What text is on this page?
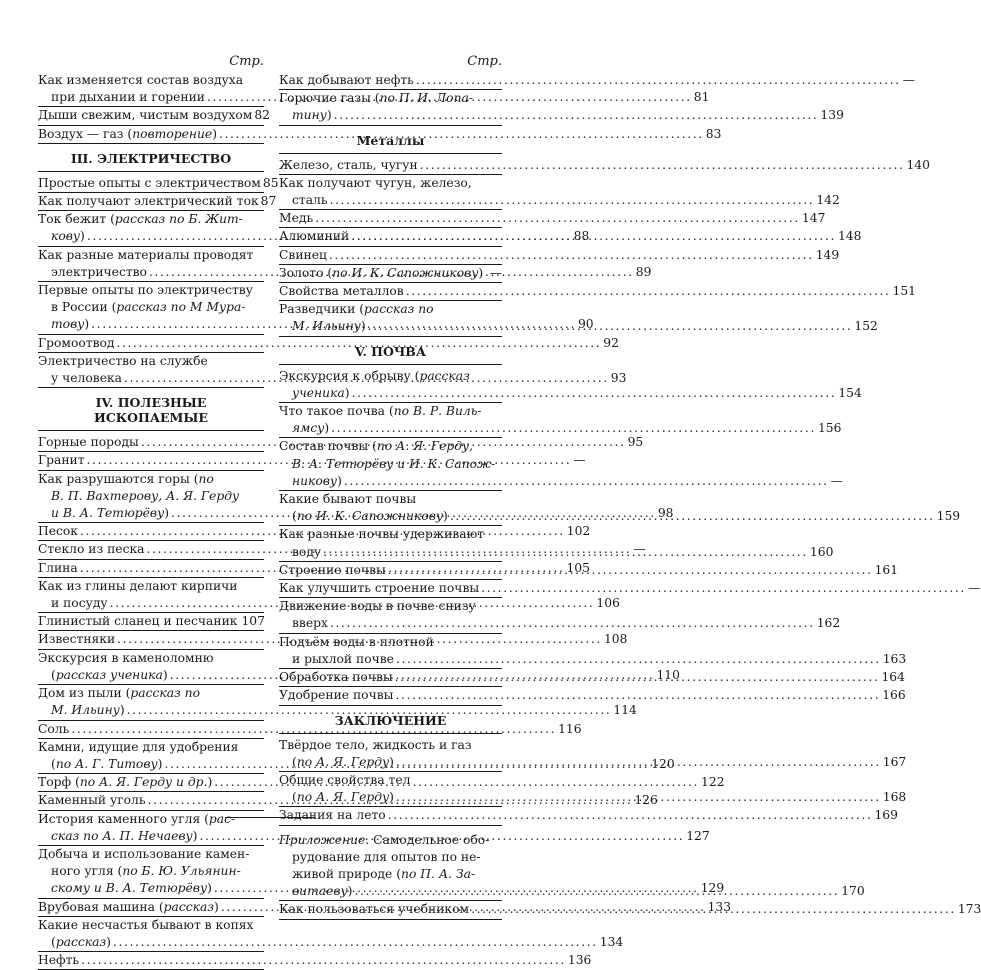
Стр.
Как изменяется состав воздуха
при дыхании и горении .....	81
Дыши свежим, чистым воздухом 82
Воздух — газ ( повторение ) .....	83
III. ЭЛЕКТРИЧЕСТВО
Простые опыты с электричеством 85
Как получают электрический ток 87
Ток бежит ( рассказ по Б. Жит-
кову ) .....	88
Как разные материалы проводят
электричество .....	89
Первые опыты по электричеству
в России ( рассказ по М Мура-
тову ) .....	90
Громоотвод .....	92
Электричество на службе
у человека .....	93
IV. ПОЛЕЗНЫЕ ИСКОПАЕМЫЕ
Горные породы .....	95
Гранит .....	—
Как разрушаются горы ( по
В. П. Вахтерову, А. Я. Герду
и В. А. Тетюрёву ) .....	98
Песок .....	102
Стекло из песка .....	—
Глина .....	105
Как из глины делают кирпичи
и посуду .....	106
Глинистый сланец и песчаник 107
Известняки .....	108
Экскурсия в каменоломню
( рассказ ученика ) .....	110
Дом из пыли ( рассказ по
М. Ильину ) .....	114
Соль .....	116
Камни, идущие для удобрения
( по А. Г. Титову ) .....	120
Торф ( по А. Я. Герду и др. ) .....	122
Каменный уголь .....	126
История каменного угля ( рас-
сказ по А. П. Нечаеву ) .....	127
Добыча и использование камен-
ного угля ( по Б. Ю. Ульянин-
скому и В. А. Тетюрёву ) .....	129
Врубовая машина ( рассказ ) .....	133
Какие несчастья бывают в копях
( рассказ ) .....	134
Нефть .....	136
Стр.
Как добывают нефть .....	—
Горючие газы ( по П. И. Лопа-
тину ) .....	139
Металлы
Железо, сталь, чугун .....	140
Как получают чугун, железо,
сталь .....	142
Медь .....	147
Алюминий .....	148
Свинец .....	149
Золото ( по И. К. Сапожникову ) —
Свойства металлов .....	151
Разведчики ( рассказ по
М. Ильину ) .....	152
V. ПОЧВА
Экскурсия к обрыву ( рассказ
ученика ) .....	154
Что такое почва ( по В. Р. Виль-
ямсу ) .....	156
Состав почвы ( по А. Я. Герду,
В. А. Тетюрёву и И. К. Сапож-
никову ) .....	—
Какие бывают почвы
( по И. К. Сапожникову ) .....	159
Как разные почвы удерживают
воду .....	160
Строение почвы .....	161
Как улучшить строение почвы .....	—
Движение воды в почве снизу
вверх .....	162
Подъём воды в плотной
и рыхлой почве .....	163
Обработка почвы .....	164
Удобрение почвы .....	166
ЗАКЛЮЧЕНИЕ
Твёрдое тело, жидкость и газ
( по А. Я. Герду ) .....	167
Общие свойства тел
( по А. Я. Герду ) .....	168
Задания на лето .....	169
Приложение . Самодельное обо-
рудование для опытов по не-
живой природе ( по П. А. За-
витаеву ) .....	170
Как пользоваться учебником .....	173
